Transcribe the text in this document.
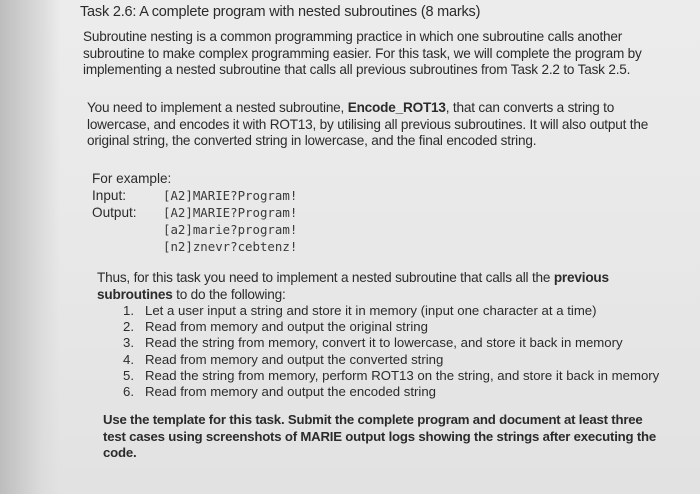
Task 2.6: A complete program with nested subroutines (8 marks)
Subroutine nesting is a common programming practice in which one subroutine calls another subroutine to make complex programming easier. For this task, we will complete the program by implementing a nested subroutine that calls all previous subroutines from Task 2.2 to Task 2.5.
You need to implement a nested subroutine, Encode_ROT13, that can converts a string to lowercase, and encodes it with ROT13, by utilising all previous subroutines. It will also output the original string, the converted string in lowercase, and the final encoded string.
For example:
Input:	[A2]MARIE?Program!
Output:	[A2]MARIE?Program!
[a2]marie?program!
[n2]znevr?cebtenz!
Thus, for this task you need to implement a nested subroutine that calls all the previous subroutines to do the following:
1. Let a user input a string and store it in memory (input one character at a time)
2. Read from memory and output the original string
3. Read the string from memory, convert it to lowercase, and store it back in memory
4. Read from memory and output the converted string
5. Read the string from memory, perform ROT13 on the string, and store it back in memory
6. Read from memory and output the encoded string
Use the template for this task. Submit the complete program and document at least three test cases using screenshots of MARIE output logs showing the strings after executing the code.
